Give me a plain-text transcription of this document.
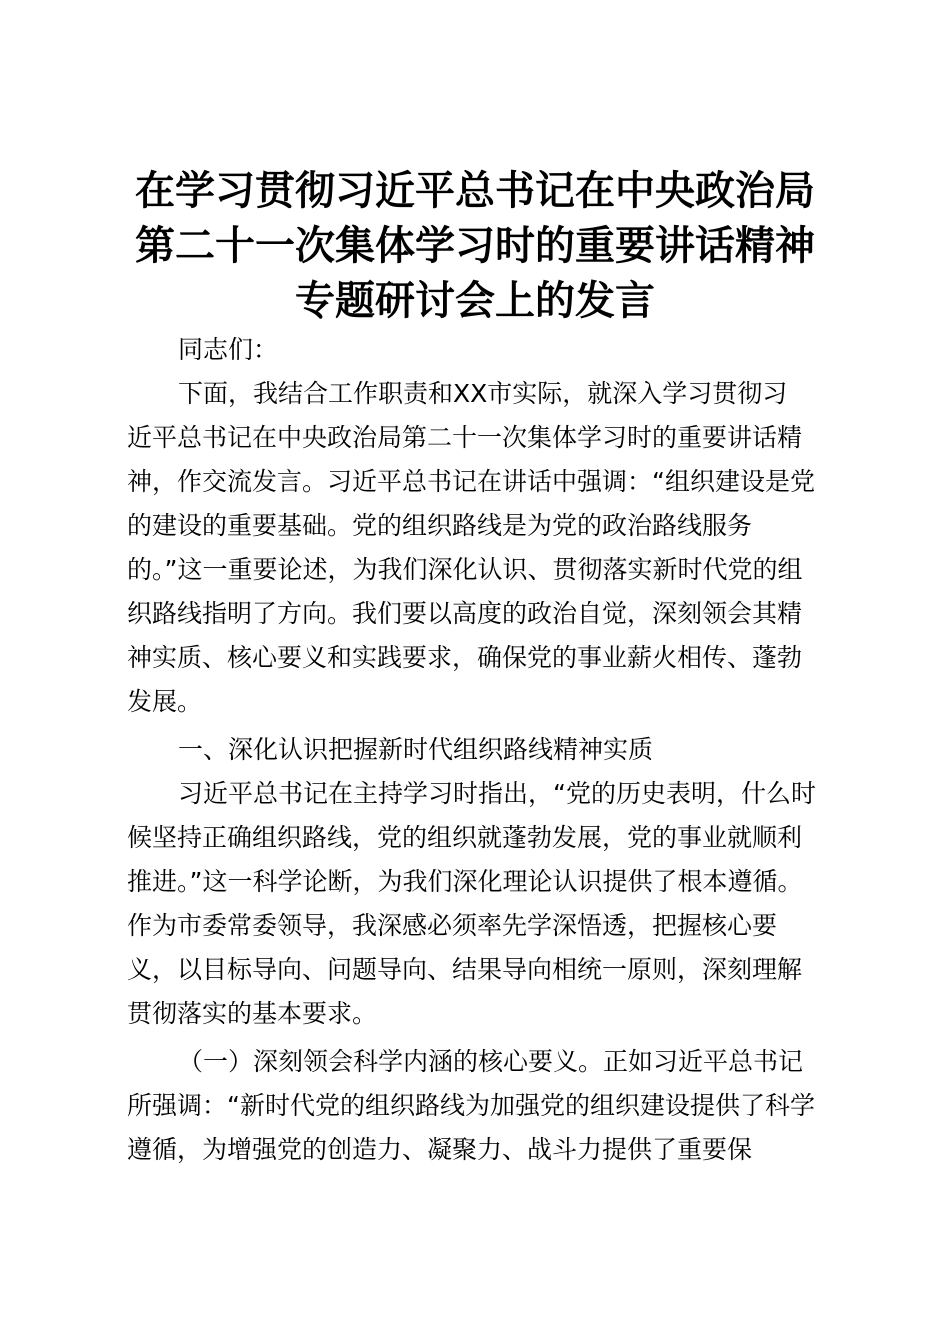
在学习贯彻习近平总书记在中央政治局
第二十一次集体学习时的重要讲话精神
专题研讨会上的发言
同志们：
下面，我结合工作职责和XX市实际，就深入学习贯彻习
近平总书记在中央政治局第二十一次集体学习时的重要讲话精
神，作交流发言。习近平总书记在讲话中强调：“组织建设是党
的建设的重要基础。党的组织路线是为党的政治路线服务
的。”这一重要论述，为我们深化认识、贯彻落实新时代党的组
织路线指明了方向。我们要以高度的政治自觉，深刻领会其精
神实质、核心要义和实践要求，确保党的事业薪火相传、蓬勃
发展。
一、深化认识把握新时代组织路线精神实质
习近平总书记在主持学习时指出，“党的历史表明，什么时
候坚持正确组织路线，党的组织就蓬勃发展，党的事业就顺利
推进。”这一科学论断，为我们深化理论认识提供了根本遵循。
作为市委常委领导，我深感必须率先学深悟透，把握核心要
义，以目标导向、问题导向、结果导向相统一原则，深刻理解
贯彻落实的基本要求。
（一）深刻领会科学内涵的核心要义。正如习近平总书记
所强调：“新时代党的组织路线为加强党的组织建设提供了科学
遵循，为增强党的创造力、凝聚力、战斗力提供了重要保
